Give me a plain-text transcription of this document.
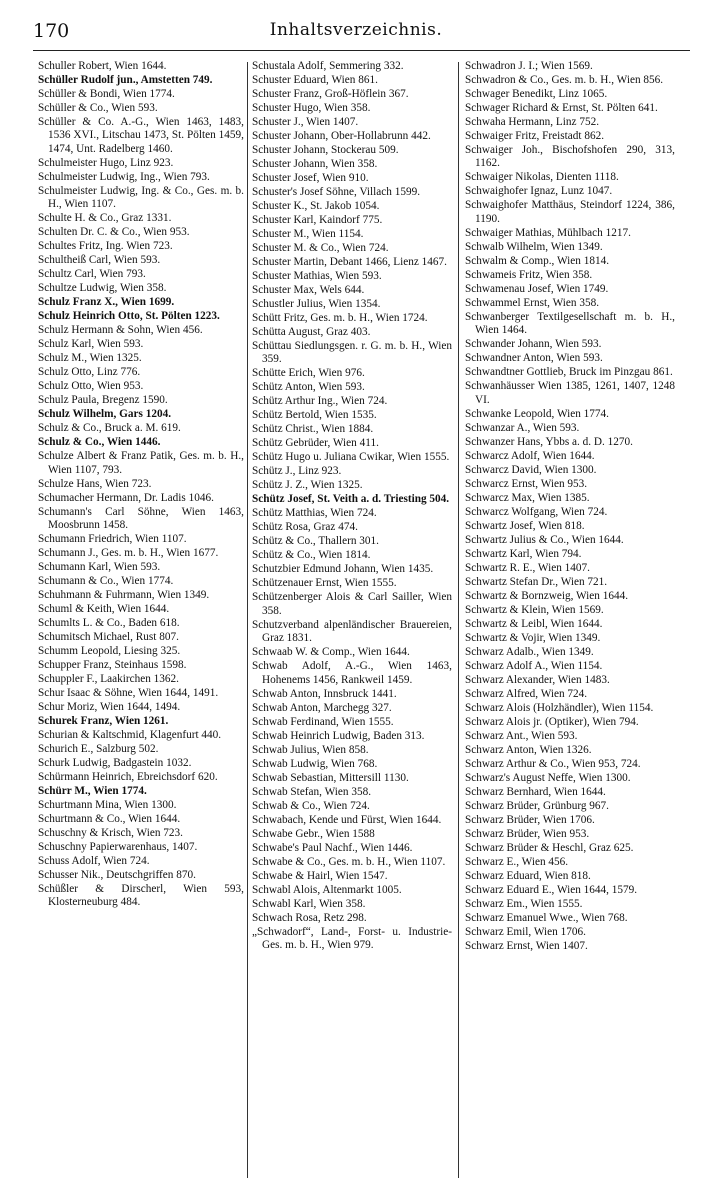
170	Inhaltsverzeichnis.

Schuller Robert, Wien 1644.

Schüller Rudolf jun., Amstetten 749.

Schüller & Bondi, Wien 1774.

Schüller & Co., Wien 593.

Schüller & Co. A.-G., Wien 1463, 1483, 1536 XVI., Litschau 1473, St. Pölten 1459, 1474, Unt. Radelberg 1460.

Schulmeister Hugo, Linz 923.

Schulmeister Ludwig, Ing., Wien 793.

Schulmeister Ludwig, Ing. & Co., Ges. m. b. H., Wien 1107.

Schulte H. & Co., Graz 1331.

Schulten Dr. C. & Co., Wien 953.

Schultes Fritz, Ing. Wien 723.

Schultheiß Carl, Wien 593.

Schultz Carl, Wien 793.

Schultze Ludwig, Wien 358.

Schulz Franz X., Wien 1699.

Schulz Heinrich Otto, St. Pölten 1223.

Schulz Hermann & Sohn, Wien 456.

Schulz Karl, Wien 593.

Schulz M., Wien 1325.

Schulz Otto, Linz 776.

Schulz Otto, Wien 953.

Schulz Paula, Bregenz 1590.

Schulz Wilhelm, Gars 1204.

Schulz & Co., Bruck a. M. 619.

Schulz & Co., Wien 1446.

Schulze Albert & Franz Patik, Ges. m. b. H., Wien 1107, 793.

Schulze Hans, Wien 723.

Schumacher Hermann, Dr. Ladis 1046.

Schumann's Carl Söhne, Wien 1463, Moosbrunn 1458.

Schumann Friedrich, Wien 1107.

Schumann J., Ges. m. b. H., Wien 1677.

Schumann Karl, Wien 593.

Schumann & Co., Wien 1774.

Schuhmann & Fuhrmann, Wien 1349.

Schuml & Keith, Wien 1644.

Schumlts L. & Co., Baden 618.

Schumitsch Michael, Rust 807.

Schumm Leopold, Liesing 325.

Schupper Franz, Steinhaus 1598.

Schuppler F., Laakirchen 1362.

Schur Isaac & Söhne, Wien 1644, 1491.

Schur Moriz, Wien 1644, 1494.

Schurek Franz, Wien 1261.

Schurian & Kaltschmid, Klagenfurt 440.

Schurich E., Salzburg 502.

Schurk Ludwig, Badgastein 1032.

Schürmann Heinrich, Ebreichsdorf 620.

Schürr M., Wien 1774.

Schurtmann Mina, Wien 1300.

Schurtmann & Co., Wien 1644.

Schuschny & Krisch, Wien 723.

Schuschny Papierwarenhaus, 1407.

Schuss Adolf, Wien 724.

Schusser Nik., Deutschgriffen 870.

Schüßler & Dirscherl, Wien 593, Klosterneuburg 484.

Schustala Adolf, Semmering 332.

Schuster Eduard, Wien 861.

Schuster Franz, Groß-Höflein 367.

Schuster Hugo, Wien 358.

Schuster J., Wien 1407.

Schuster Johann, Ober-Hollabrunn 442.

Schuster Johann, Stockerau 509.

Schuster Johann, Wien 358.

Schuster Josef, Wien 910.

Schuster's Josef Söhne, Villach 1599.

Schuster K., St. Jakob 1054.

Schuster Karl, Kaindorf 775.

Schuster M., Wien 1154.

Schuster M. & Co., Wien 724.

Schuster Martin, Debant 1466, Lienz 1467.

Schuster Mathias, Wien 593.

Schuster Max, Wels 644.

Schustler Julius, Wien 1354.

Schütt Fritz, Ges. m. b. H., Wien 1724.

Schütta August, Graz 403.

Schüttau Siedlungsgen. r. G. m. b. H., Wien 359.

Schütte Erich, Wien 976.

Schütz Anton, Wien 593.

Schütz Arthur Ing., Wien 724.

Schütz Bertold, Wien 1535.

Schütz Christ., Wien 1884.

Schütz Gebrüder, Wien 411.

Schütz Hugo u. Juliana Cwikar, Wien 1555.

Schütz J., Linz 923.

Schütz J. Z., Wien 1325.

Schütz Josef, St. Veith a. d. Triesting 504.

Schütz Matthias, Wien 724.

Schütz Rosa, Graz 474.

Schütz & Co., Thallern 301.

Schütz & Co., Wien 1814.

Schutzbier Edmund Johann, Wien 1435.

Schützenauer Ernst, Wien 1555.

Schützenberger Alois & Carl Sailler, Wien 358.

Schutzverband alpenländischer Brauereien, Graz 1831.

Schwaab W. & Comp., Wien 1644.

Schwab Adolf, A.-G., Wien 1463, Hohenems 1456, Rankweil 1459.

Schwab Anton, Innsbruck 1441.

Schwab Anton, Marchegg 327.

Schwab Ferdinand, Wien 1555.

Schwab Heinrich Ludwig, Baden 313.

Schwab Julius, Wien 858.

Schwab Ludwig, Wien 768.

Schwab Sebastian, Mittersill 1130.

Schwab Stefan, Wien 358.

Schwab & Co., Wien 724.

Schwabach, Kende und Fürst, Wien 1644.

Schwabe Gebr., Wien 1588

Schwabe's Paul Nachf., Wien 1446.

Schwabe & Co., Ges. m. b. H., Wien 1107.

Schwabe & Hairl, Wien 1547.

Schwabl Alois, Altenmarkt 1005.

Schwabl Karl, Wien 358.

Schwach Rosa, Retz 298.

„Schwadorf“, Land-, Forst- u. Industrie-Ges. m. b. H., Wien 979.

Schwadron J. I.; Wien 1569.

Schwadron & Co., Ges. m. b. H., Wien 856.

Schwager Benedikt, Linz 1065.

Schwager Richard & Ernst, St. Pölten 641.

Schwaha Hermann, Linz 752.

Schwaiger Fritz, Freistadt 862.

Schwaiger Joh., Bischofshofen 290, 313, 1162.

Schwaiger Nikolas, Dienten 1118.

Schwaighofer Ignaz, Lunz 1047.

Schwaighofer Matthäus, Steindorf 1224, 386, 1190.

Schwaiger Mathias, Mühlbach 1217.

Schwalb Wilhelm, Wien 1349.

Schwalm & Comp., Wien 1814.

Schwameis Fritz, Wien 358.

Schwamenau Josef, Wien 1749.

Schwammel Ernst, Wien 358.

Schwanberger Textilgesellschaft m. b. H., Wien 1464.

Schwander Johann, Wien 593.

Schwandner Anton, Wien 593.

Schwandtner Gottlieb, Bruck im Pinzgau 861.

Schwanhäusser Wien 1385, 1261, 1407, 1248 VI.

Schwanke Leopold, Wien 1774.

Schwanzar A., Wien 593.

Schwanzer Hans, Ybbs a. d. D. 1270.

Schwarcz Adolf, Wien 1644.

Schwarcz David, Wien 1300.

Schwarcz Ernst, Wien 953.

Schwarcz Max, Wien 1385.

Schwarcz Wolfgang, Wien 724.

Schwartz Josef, Wien 818.

Schwartz Julius & Co., Wien 1644.

Schwartz Karl, Wien 794.

Schwartz R. E., Wien 1407.

Schwartz Stefan Dr., Wien 721.

Schwartz & Bornzweig, Wien 1644.

Schwartz & Klein, Wien 1569.

Schwartz & Leibl, Wien 1644.

Schwartz & Vojir, Wien 1349.

Schwarz Adalb., Wien 1349.

Schwarz Adolf A., Wien 1154.

Schwarz Alexander, Wien 1483.

Schwarz Alfred, Wien 724.

Schwarz Alois (Holzhändler), Wien 1154.

Schwarz Alois jr. (Optiker), Wien 794.

Schwarz Ant., Wien 593.

Schwarz Anton, Wien 1326.

Schwarz Arthur & Co., Wien 953, 724.

Schwarz's August Neffe, Wien 1300.

Schwarz Bernhard, Wien 1644.

Schwarz Brüder, Grünburg 967.

Schwarz Brüder, Wien 1706.

Schwarz Brüder, Wien 953.

Schwarz Brüder & Heschl, Graz 625.

Schwarz E., Wien 456.

Schwarz Eduard, Wien 818.

Schwarz Eduard E., Wien 1644, 1579.

Schwarz Em., Wien 1555.

Schwarz Emanuel Wwe., Wien 768.

Schwarz Emil, Wien 1706.

Schwarz Ernst, Wien 1407.
